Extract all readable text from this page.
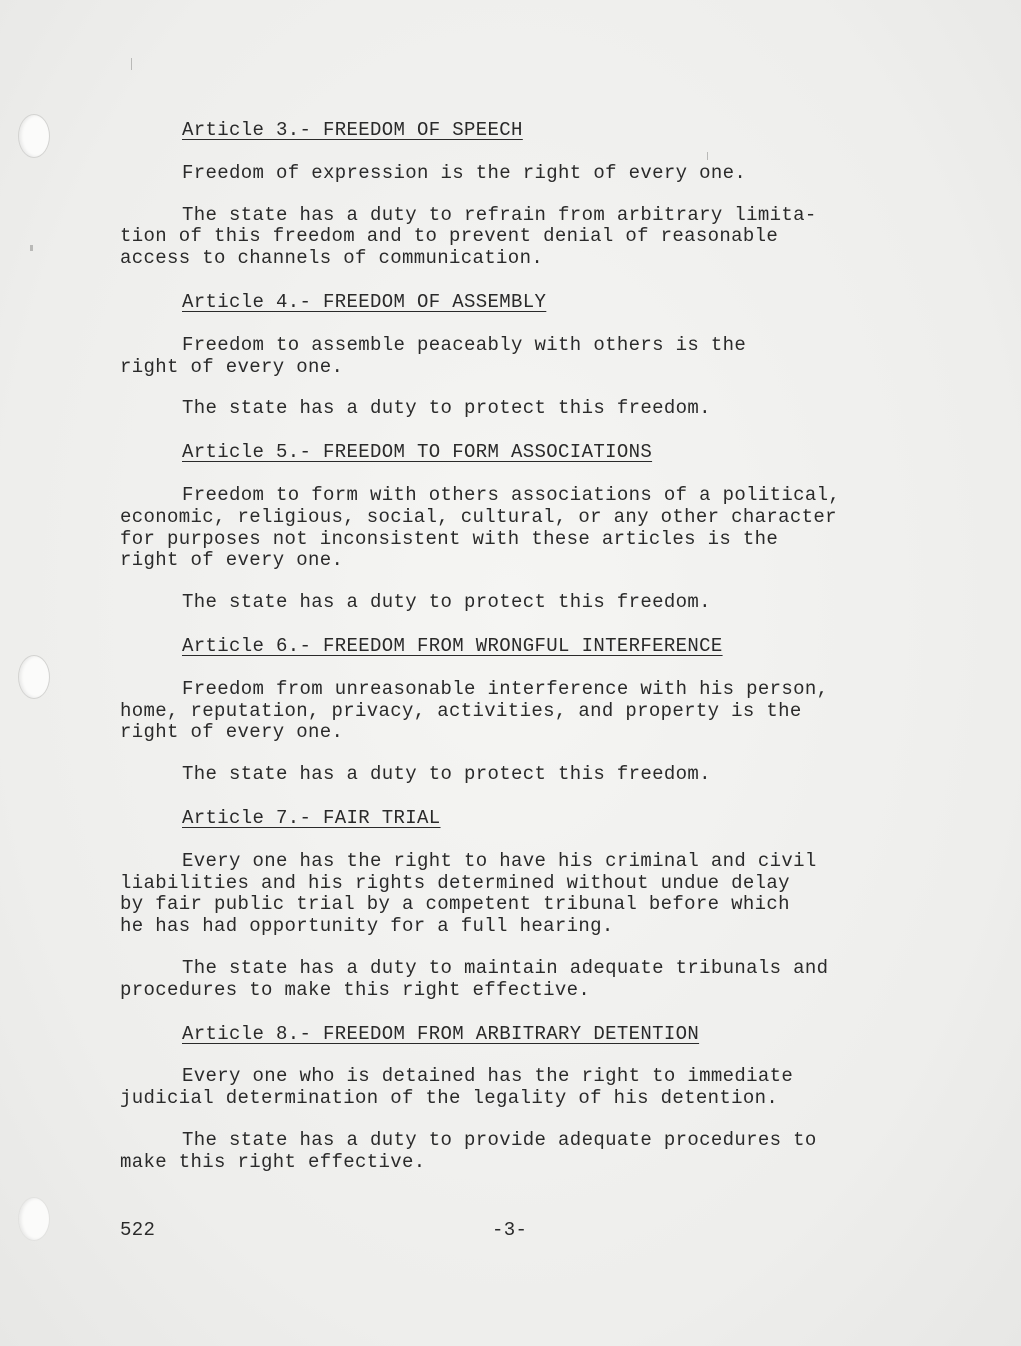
Article 3.- FREEDOM OF SPEECH

Freedom of expression is the right of every one.

The state has a duty to refrain from arbitrary limita-
tion of this freedom and to prevent denial of reasonable
access to channels of communication.

Article 4.- FREEDOM OF ASSEMBLY

Freedom to assemble peaceably with others is the
right of every one.

The state has a duty to protect this freedom.

Article 5.- FREEDOM TO FORM ASSOCIATIONS

Freedom to form with others associations of a political,
economic, religious, social, cultural, or any other character
for purposes not inconsistent with these articles is the
right of every one.

The state has a duty to protect this freedom.

Article 6.- FREEDOM FROM WRONGFUL INTERFERENCE

Freedom from unreasonable interference with his person,
home, reputation, privacy, activities, and property is the
right of every one.

The state has a duty to protect this freedom.

Article 7.- FAIR TRIAL

Every one has the right to have his criminal and civil
liabilities and his rights determined without undue delay
by fair public trial by a competent tribunal before which
he has had opportunity for a full hearing.

The state has a duty to maintain adequate tribunals and
procedures to make this right effective.

Article 8.- FREEDOM FROM ARBITRARY DETENTION

Every one who is detained has the right to immediate
judicial determination of the legality of his detention.

The state has a duty to provide adequate procedures to
make this right effective.

522	-3-
